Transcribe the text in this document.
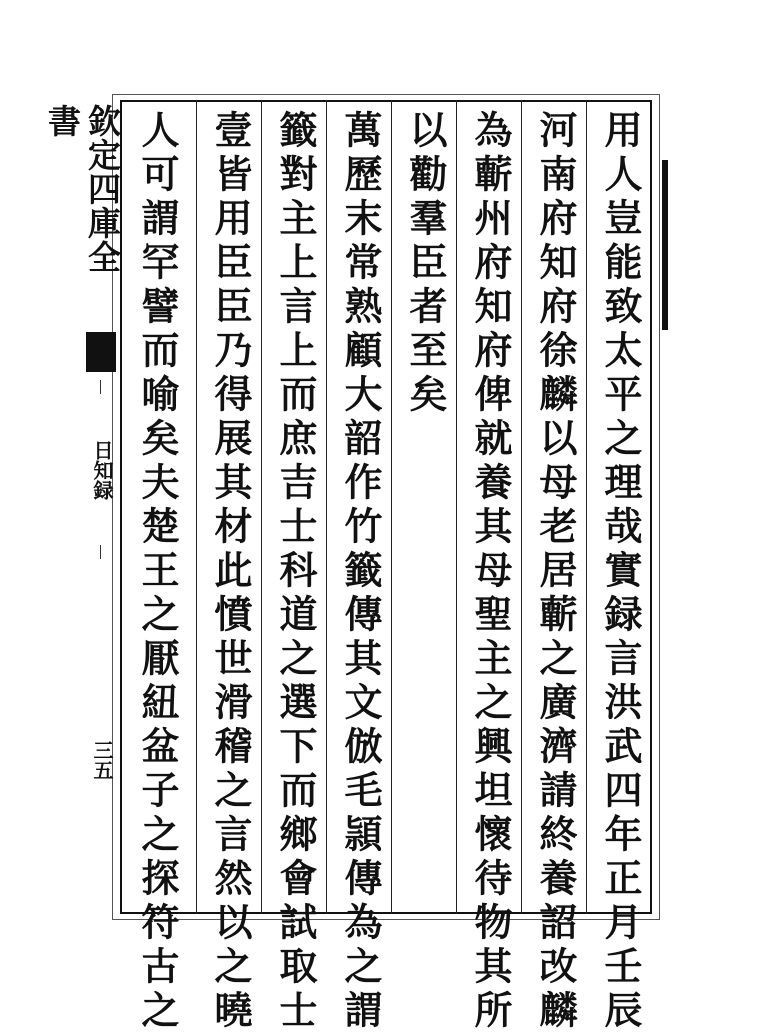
用人豈能致太平之理哉實録言洪武四年正月壬辰
河南府知府徐麟以母老居蘄之廣濟請終養詔改麟
為蘄州府知府俾就養其母聖主之興坦懷待物其所
以勸羣臣者至矣
萬歷末常熟顧大韶作竹籤傳其文倣毛頴傳為之謂
籤對主上言上而庶吉士科道之選下而鄉會試取士
壹皆用臣臣乃得展其材此憤世滑稽之言然以之曉
人可謂罕譬而喻矣夫楚王之厭紐盆子之探符古之
欽定四庫全書
日知録
三五
